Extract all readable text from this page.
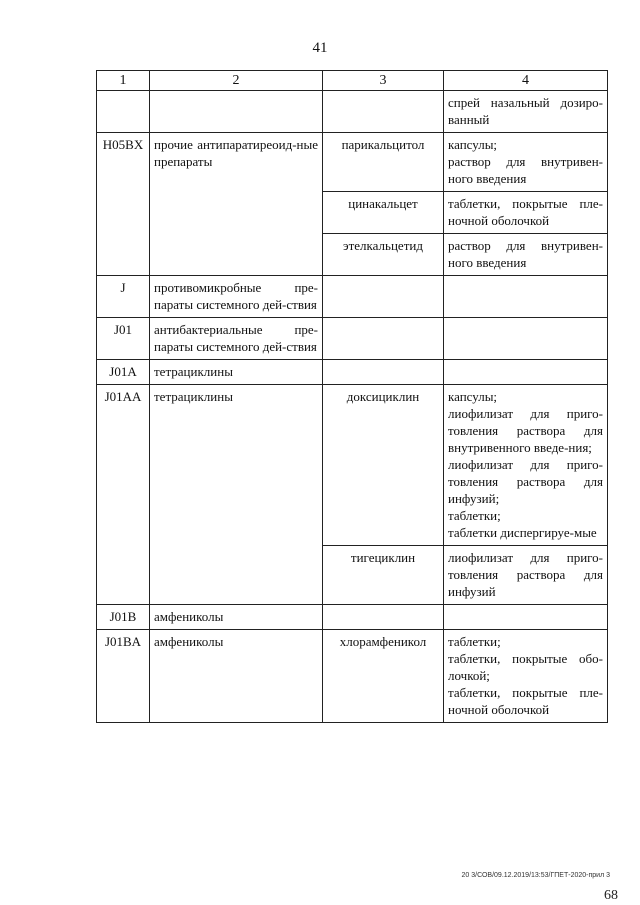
41
1	2	3	4

			спрей назальный дозиро-ванный

H05BX	прочие антипаратиреоид-ные препараты	парикальцитол	капсулы;
раствор для внутривен-ного введения

		цинакальцет	таблетки, покрытые пле-ночной оболочкой

		этелкальцетид	раствор для внутривен-ного введения

J	противомикробные пре-параты системного дей-ствия		
J01	антибактериальные пре-параты системного дей-ствия		
J01A	тетрациклины		
J01AA	тетрациклины	доксициклин	капсулы;
лиофилизат для приго-товления раствора для внутривенного введе-ния;
лиофилизат для приго-товления раствора для инфузий;
таблетки;
таблетки диспергируе-мые

		тигециклин	лиофилизат для приго-товления раствора для инфузий

J01B	амфениколы		
J01BA	амфениколы	хлорамфеникол	таблетки;
таблетки, покрытые обо-лочкой;
таблетки, покрытые пле-ночной оболочкой
20 3/СОВ/09.12.2019/13:53/ГПЕТ-2020-прил 3
68
